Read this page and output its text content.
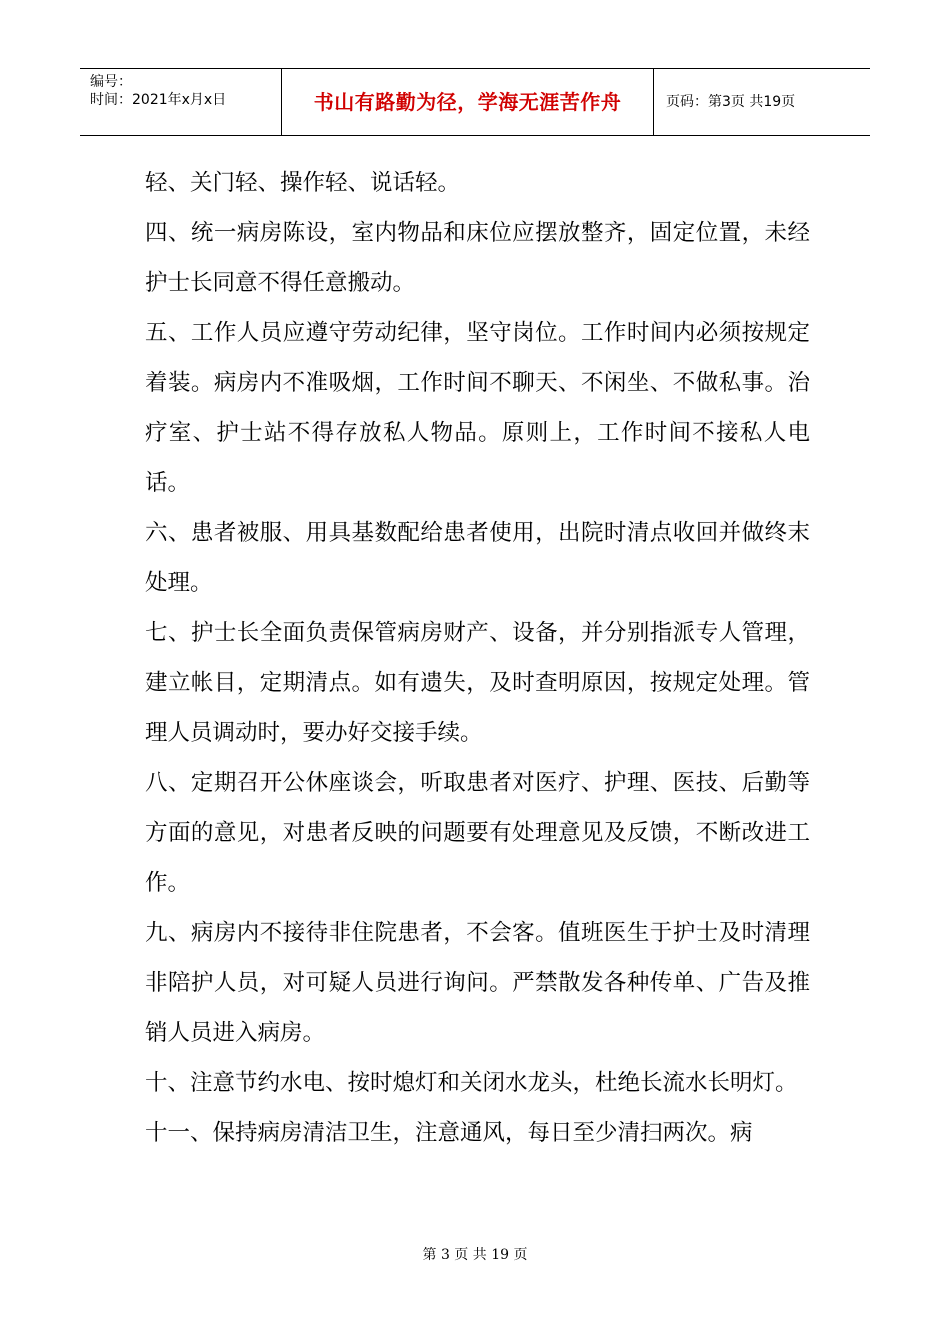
编号：
时间：2021年x月x日	书山有路勤为径，学海无涯苦作舟	页码：第3页 共19页

轻、关门轻、操作轻、说话轻。

四、统一病房陈设，室内物品和床位应摆放整齐，固定位置，未经护士长同意不得任意搬动。

五、工作人员应遵守劳动纪律，坚守岗位。工作时间内必须按规定着装。病房内不准吸烟，工作时间不聊天、不闲坐、不做私事。治疗室、护士站不得存放私人物品。原则上，工作时间不接私人电话。

六、患者被服、用具基数配给患者使用，出院时清点收回并做终末处理。

七、护士长全面负责保管病房财产、设备，并分别指派专人管理，建立帐目，定期清点。如有遗失，及时查明原因，按规定处理。管理人员调动时，要办好交接手续。

八、定期召开公休座谈会，听取患者对医疗、护理、医技、后勤等方面的意见，对患者反映的问题要有处理意见及反馈，不断改进工作。

九、病房内不接待非住院患者，不会客。值班医生于护士及时清理非陪护人员，对可疑人员进行询问。严禁散发各种传单、广告及推销人员进入病房。

十、注意节约水电、按时熄灯和关闭水龙头，杜绝长流水长明灯。

十一、保持病房清洁卫生，注意通风，每日至少清扫两次。病

第 3 页 共 19 页
